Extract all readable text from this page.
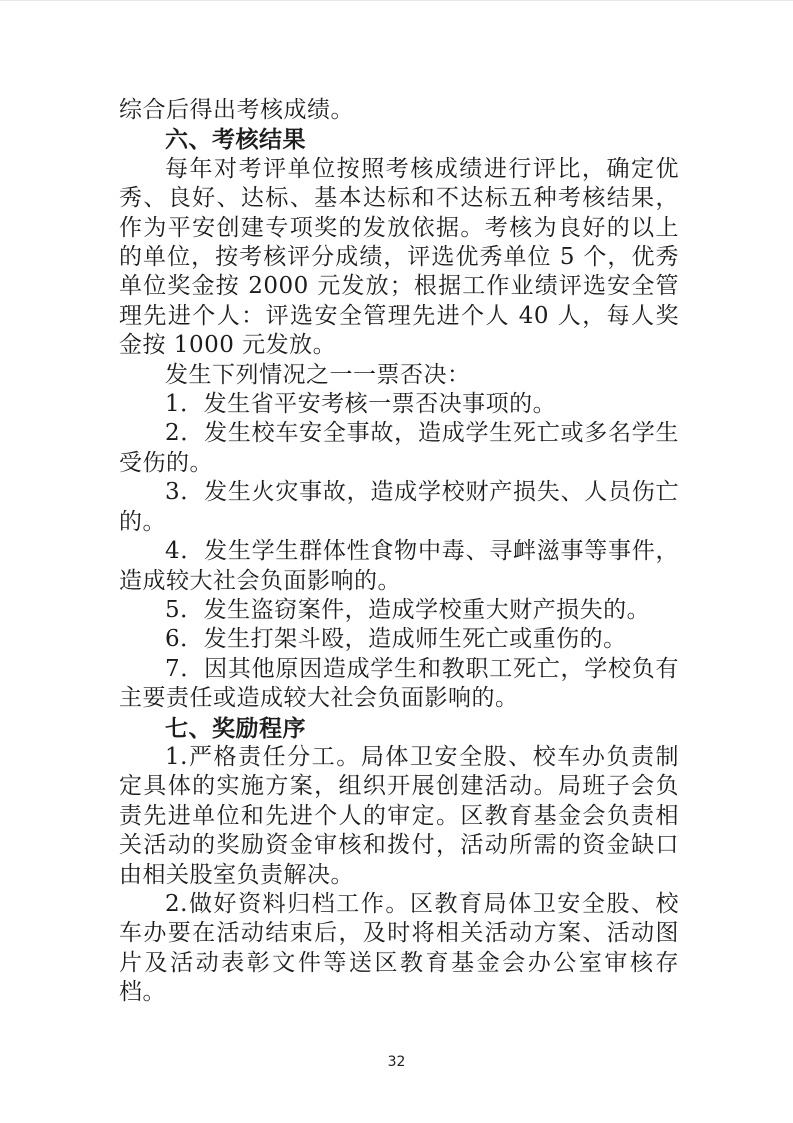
综合后得出考核成绩。

六、考核结果

每年对考评单位按照考核成绩进行评比，确定优秀、良好、达标、基本达标和不达标五种考核结果，作为平安创建专项奖的发放依据。考核为良好的以上的单位，按考核评分成绩，评选优秀单位 5 个，优秀单位奖金按 2000 元发放；根据工作业绩评选安全管理先进个人：评选安全管理先进个人 40 人，每人奖金按 1000 元发放。

发生下列情况之一一票否决：

1．发生省平安考核一票否决事项的。

2．发生校车安全事故，造成学生死亡或多名学生受伤的。

3．发生火灾事故，造成学校财产损失、人员伤亡的。

4．发生学生群体性食物中毒、寻衅滋事等事件，造成较大社会负面影响的。

5．发生盗窃案件，造成学校重大财产损失的。

6．发生打架斗殴，造成师生死亡或重伤的。

7．因其他原因造成学生和教职工死亡，学校负有主要责任或造成较大社会负面影响的。

七、奖励程序

1.严格责任分工。局体卫安全股、校车办负责制定具体的实施方案，组织开展创建活动。局班子会负责先进单位和先进个人的审定。区教育基金会负责相关活动的奖励资金审核和拨付，活动所需的资金缺口由相关股室负责解决。

2.做好资料归档工作。区教育局体卫安全股、校车办要在活动结束后，及时将相关活动方案、活动图片及活动表彰文件等送区教育基金会办公室审核存档。

32
